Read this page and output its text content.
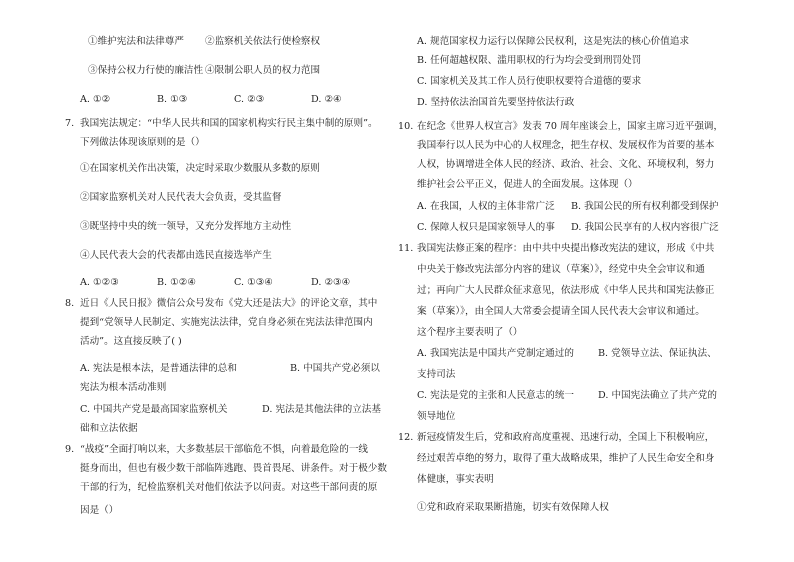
①维护宪法和法律尊严 ②监察机关依法行使检察权
③保持公权力行使的廉洁性 ④限制公职人员的权力范围
A. ①②	B. ①③	C. ②③	D. ②④
7. 我国宪法规定：“中华人民共和国的国家机构实行民主集中制的原则”。
下列做法体现该原则的是（）
①在国家机关作出决策，决定时采取少数服从多数的原则
②国家监察机关对人民代表大会负责，受其监督
③既坚持中央的统一领导，又充分发挥地方主动性
④人民代表大会的代表都由选民直接选举产生
A. ①②③	B. ①②④	C. ①③④	D. ②③④
8. 近日《人民日报》微信公众号发布《党大还是法大》的评论文章，其中
提到“党领导人民制定、实施宪法法律，党自身必须在宪法法律范围内
活动”。这直接反映了( )
A. 宪法是根本法，是普通法律的总和	B. 中国共产党必须以
宪法为根本活动准则
C. 中国共产党是最高国家监察机关	D. 宪法是其他法律的立法基
础和立法依据
9. “战疫”全面打响以来，大多数基层干部临危不惧，向着最危险的一线
挺身而出，但也有极少数干部临阵逃跑、畏首畏尾、讲条件。对于极少数
干部的行为，纪检监察机关对他们依法予以问责。对这些干部问责的原
因是（）
A. 规范国家权力运行以保障公民权利，这是宪法的核心价值追求
B. 任何超越权限、滥用职权的行为均会受到刑罚处罚
C. 国家机关及其工作人员行使职权要符合道德的要求
D. 坚持依法治国首先要坚持依法行政
10. 在纪念《世界人权宣言》发表 70 周年座谈会上，国家主席习近平强调，
我国奉行以人民为中心的人权理念，把生存权、发展权作为首要的基本
人权，协调增进全体人民的经济、政治、社会、文化、环境权利，努力
维护社会公平正义，促进人的全面发展。这体现（）
A. 在我国，人权的主体非常广泛 B. 我国公民的所有权利都受到保护
C. 保障人权只是国家领导人的事 D. 我国公民享有的人权内容很广泛
11. 我国宪法修正案的程序：由中共中央提出修改宪法的建议，形成《中共
中央关于修改宪法部分内容的建议（草案）》，经党中央全会审议和通
过；再向广大人民群众征求意见，依法形成《中华人民共和国宪法修正
案（草案）》，由全国人大常委会提请全国人民代表大会审议和通过。
这个程序主要表明了（）
A. 我国宪法是中国共产党制定通过的	B. 党领导立法、保证执法、
支持司法
C. 宪法是党的主张和人民意志的统一 D. 中国宪法确立了共产党的
领导地位
12. 新冠疫情发生后，党和政府高度重视、迅速行动，全国上下积极响应，
经过艰苦卓绝的努力，取得了重大战略成果，维护了人民生命安全和身
体健康，事实表明
①党和政府采取果断措施，切实有效保障人权
